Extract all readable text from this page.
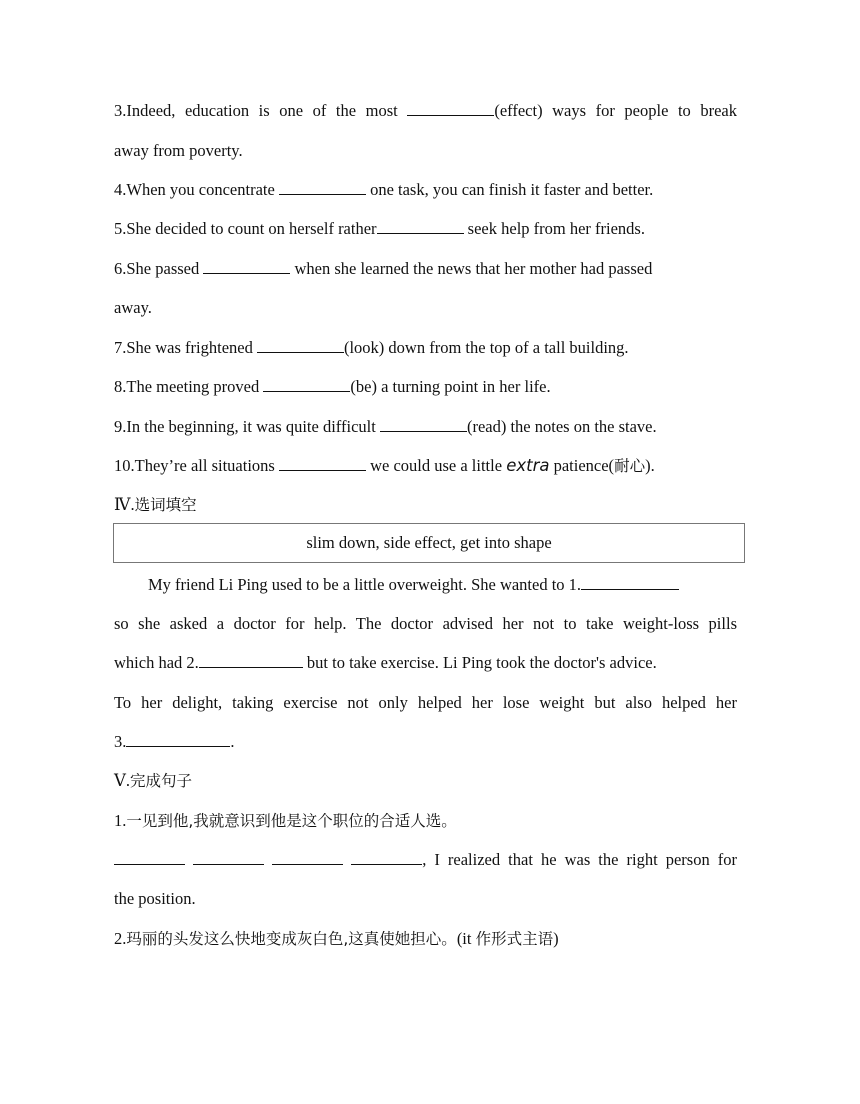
3.Indeed, education is one of the most	(effect) ways for people to break
away from poverty.
4.When you concentrate	one task, you can finish it faster and better.
5.She decided to count on herself rather	seek help from her friends.
6.She passed	when she learned the news that her mother had passed
away.
7.She was frightened	(look) down from the top of a tall building.
8.The meeting proved	(be) a turning point in her life.
9.In the beginning, it was quite difficult	(read) the notes on the stave.
10.They’re all situations	we could use a little extra patience(耐心).
Ⅳ.选词填空
slim down, side effect, get into shape
My friend Li Ping used to be a little overweight. She wanted to 1.
so she asked a doctor for help. The doctor advised her not to take weight-loss pills
which had 2.	but to take exercise. Li Ping took the doctor's advice.
To her delight, taking exercise not only helped her lose weight but also helped her
3.	.
Ⅴ.完成句子
1.一见到他,我就意识到他是这个职位的合适人选。
, I realized that he was the right person for
the position.
2.玛丽的头发这么快地变成灰白色,这真使她担心。(it 作形式主语)
